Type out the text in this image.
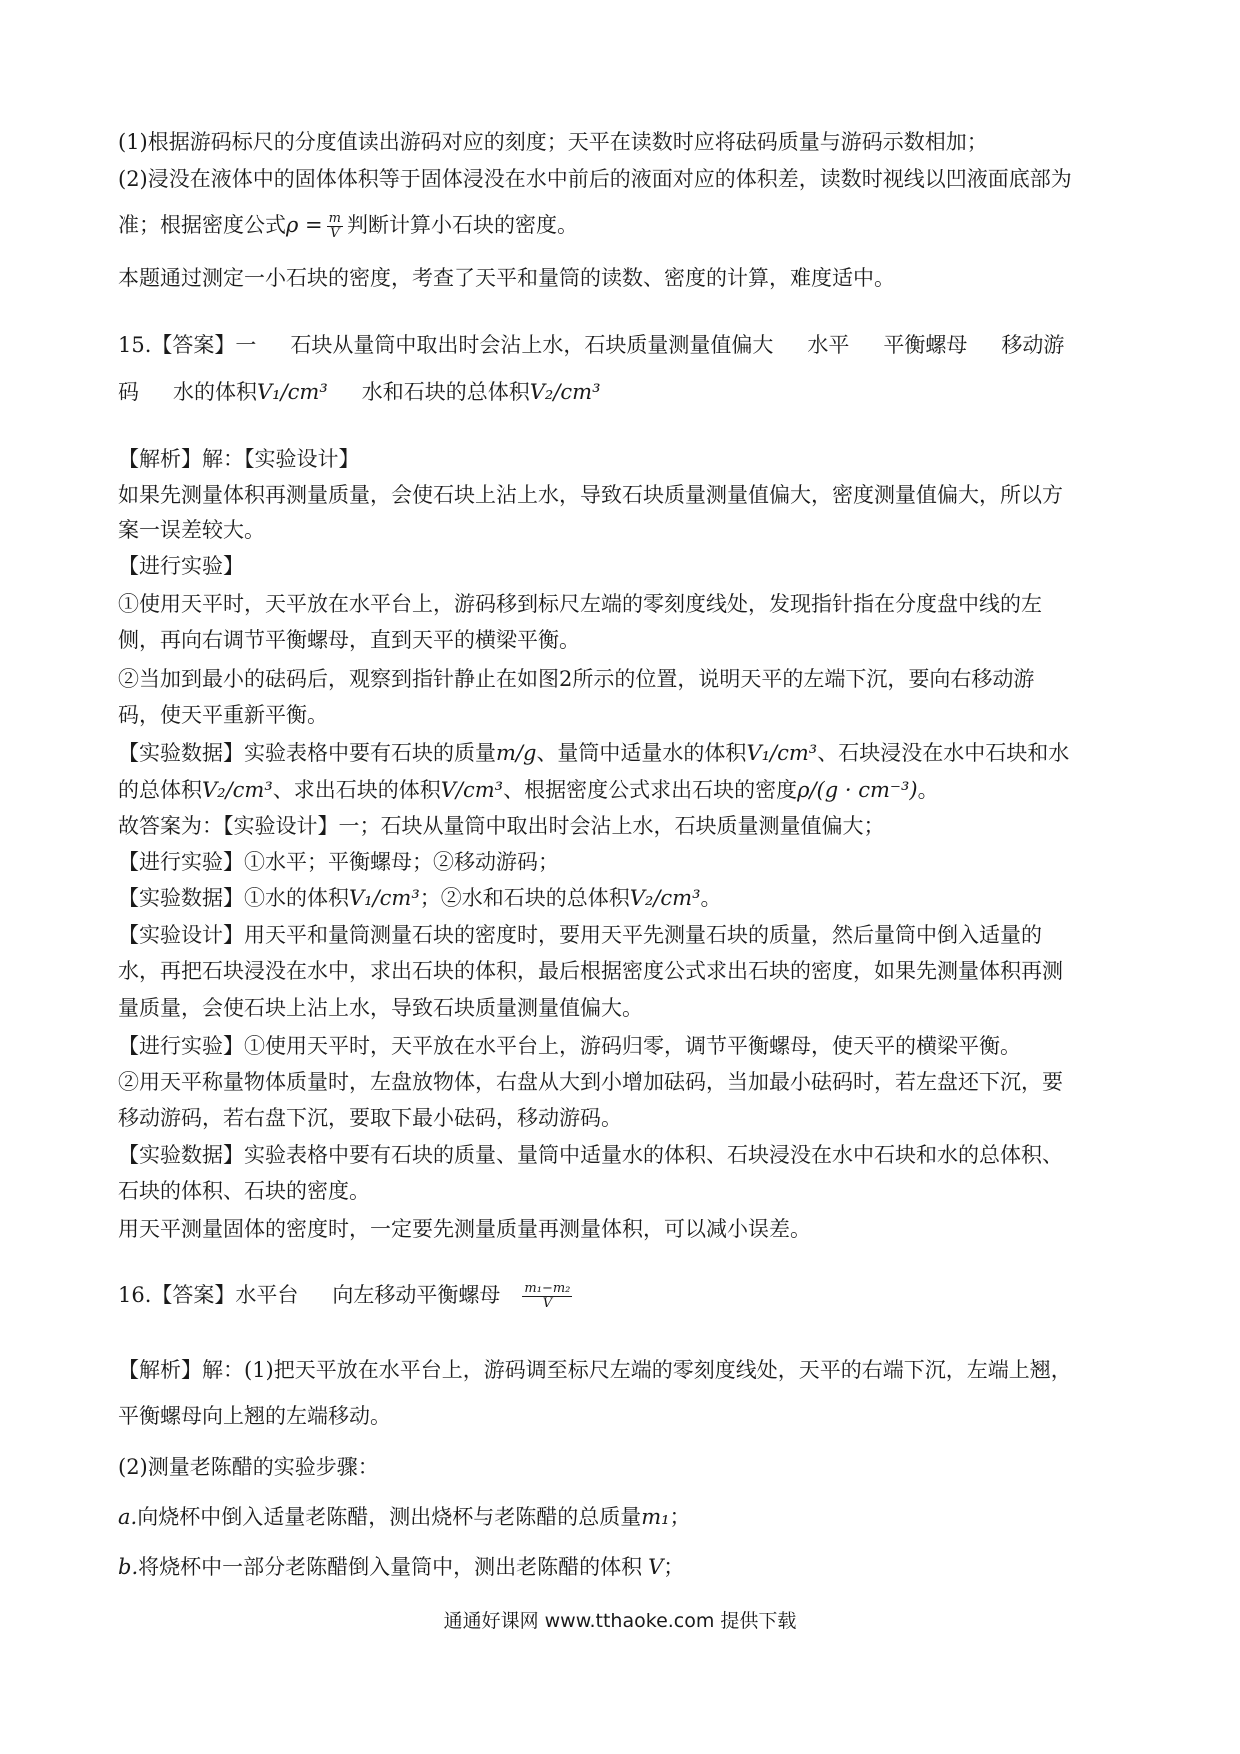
(1)根据游码标尺的分度值读出游码对应的刻度；天平在读数时应将砝码质量与游码示数相加；

(2)浸没在液体中的固体体积等于固体浸没在水中前后的液面对应的体积差，读数时视线以凹液面底部为

准；根据密度公式$\rho = \frac{m}{V}$ 判断计算小石块的密度。

本题通过测定一小石块的密度，考查了天平和量筒的读数、密度的计算，难度适中。

15.【答案】一 石块从量筒中取出时会沾上水，石块质量测量值偏大 水平 平衡螺母 移动游

码 水的体积V₁/cm³ 水和石块的总体积V₂/cm³

【解析】解：【实验设计】

如果先测量体积再测量质量，会使石块上沾上水，导致石块质量测量值偏大，密度测量值偏大，所以方

案一误差较大。

【进行实验】

①使用天平时，天平放在水平台上，游码移到标尺左端的零刻度线处，发现指针指在分度盘中线的左

侧，再向右调节平衡螺母，直到天平的横梁平衡。

②当加到最小的砝码后，观察到指针静止在如图2所示的位置，说明天平的左端下沉，要向右移动游

码，使天平重新平衡。

【实验数据】实验表格中要有石块的质量m/g、量筒中适量水的体积V₁/cm³、石块浸没在水中石块和水

的总体积V₂/cm³、求出石块的体积V/cm³、根据密度公式求出石块的密度ρ/(g · cm⁻³)。

故答案为：【实验设计】一；石块从量筒中取出时会沾上水，石块质量测量值偏大；

【进行实验】①水平；平衡螺母；②移动游码；

【实验数据】①水的体积V₁/cm³；②水和石块的总体积V₂/cm³。

【实验设计】用天平和量筒测量石块的密度时，要用天平先测量石块的质量，然后量筒中倒入适量的

水，再把石块浸没在水中，求出石块的体积，最后根据密度公式求出石块的密度，如果先测量体积再测

量质量，会使石块上沾上水，导致石块质量测量值偏大。

【进行实验】①使用天平时，天平放在水平台上，游码归零，调节平衡螺母，使天平的横梁平衡。

②用天平称量物体质量时，左盘放物体，右盘从大到小增加砝码，当加最小砝码时，若左盘还下沉，要

移动游码，若右盘下沉，要取下最小砝码，移动游码。

【实验数据】实验表格中要有石块的质量、量筒中适量水的体积、石块浸没在水中石块和水的总体积、

石块的体积、石块的密度。

用天平测量固体的密度时，一定要先测量质量再测量体积，可以减小误差。

16.【答案】水平台 向左移动平衡螺母 $\frac{\text{m₁−m₂}}{V}$

【解析】解：(1)把天平放在水平台上，游码调至标尺左端的零刻度线处，天平的右端下沉，左端上翘，

平衡螺母向上翘的左端移动。

(2)测量老陈醋的实验步骤：

a.向烧杯中倒入适量老陈醋，测出烧杯与老陈醋的总质量m₁；

b.将烧杯中一部分老陈醋倒入量筒中，测出老陈醋的体积 V；

通通好课网 www.tthaoke.com 提供下载
